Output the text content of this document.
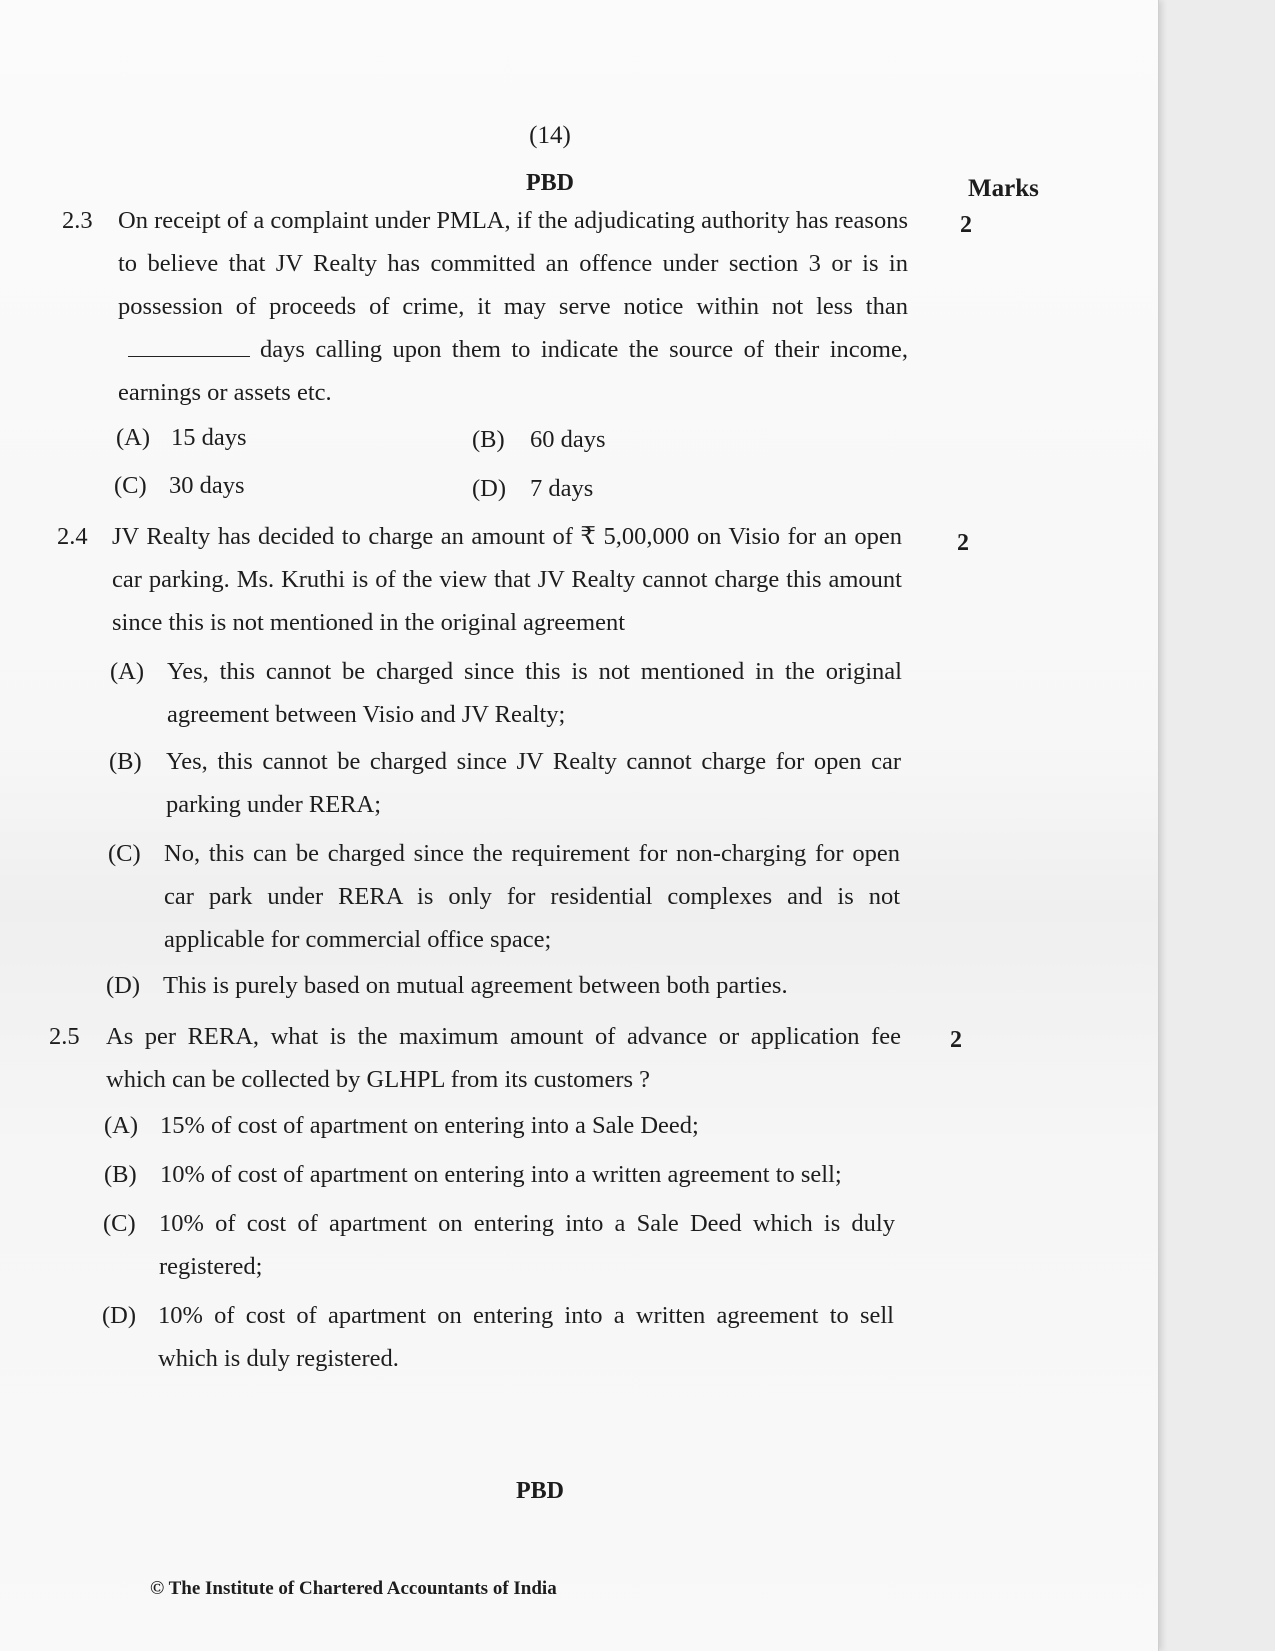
(14)
PBD	Marks
2.3 On receipt of a complaint under PMLA, if the adjudicating authority has reasons to believe that JV Realty has committed an offence under section 3 or is in possession of proceeds of crime, it may serve notice within not less thandays calling upon them to indicate the source of their income, earnings or assets etc.
2
(A) 15 days	(B) 60 days
(C) 30 days	(D) 7 days
2.4 JV Realty has decided to charge an amount of ₹ 5,00,000 on Visio for an open car parking. Ms. Kruthi is of the view that JV Realty cannot charge this amount since this is not mentioned in the original agreement
2
(A) Yes, this cannot be charged since this is not mentioned in the original agreement between Visio and JV Realty;
(B) Yes, this cannot be charged since JV Realty cannot charge for open car parking under RERA;
(C) No, this can be charged since the requirement for non-charging for open car park under RERA is only for residential complexes and is not applicable for commercial office space;
(D) This is purely based on mutual agreement between both parties.
2.5 As per RERA, what is the maximum amount of advance or application fee which can be collected by GLHPL from its customers ?
2
(A) 15% of cost of apartment on entering into a Sale Deed;
(B) 10% of cost of apartment on entering into a written agreement to sell;
(C) 10% of cost of apartment on entering into a Sale Deed which is duly registered;
(D) 10% of cost of apartment on entering into a written agreement to sell which is duly registered.
PBD
© The Institute of Chartered Accountants of India
